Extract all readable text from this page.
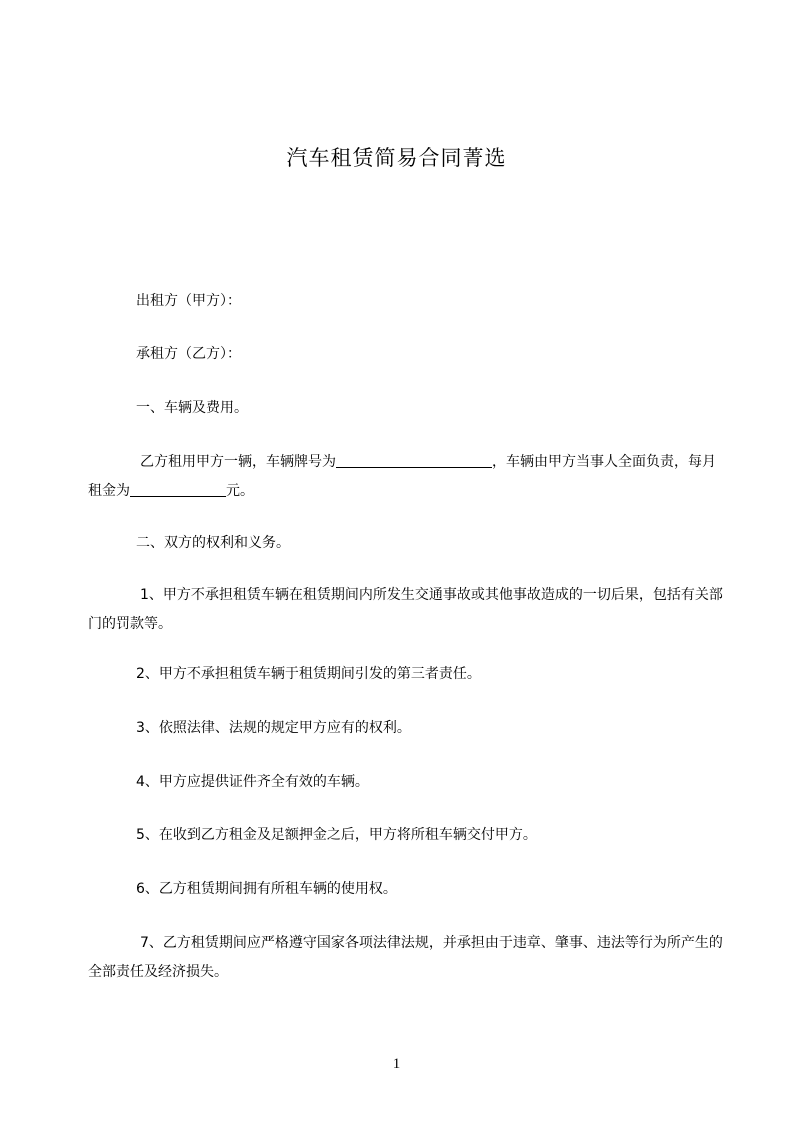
汽车租赁简易合同菁选
出租方（甲方）：
承租方（乙方）：
一、车辆及费用。
乙方租用甲方一辆，车辆牌号为	，车辆由甲方当事人全面负责，每月租金为	元。
二、双方的权利和义务。
1、甲方不承担租赁车辆在租赁期间内所发生交通事故或其他事故造成的一切后果，包括有关部门的罚款等。
2、甲方不承担租赁车辆于租赁期间引发的第三者责任。
3、依照法律、法规的规定甲方应有的权利。
4、甲方应提供证件齐全有效的车辆。
5、在收到乙方租金及足额押金之后，甲方将所租车辆交付甲方。
6、乙方租赁期间拥有所租车辆的使用权。
7、乙方租赁期间应严格遵守国家各项法律法规，并承担由于违章、肇事、违法等行为所产生的全部责任及经济损失。
1
